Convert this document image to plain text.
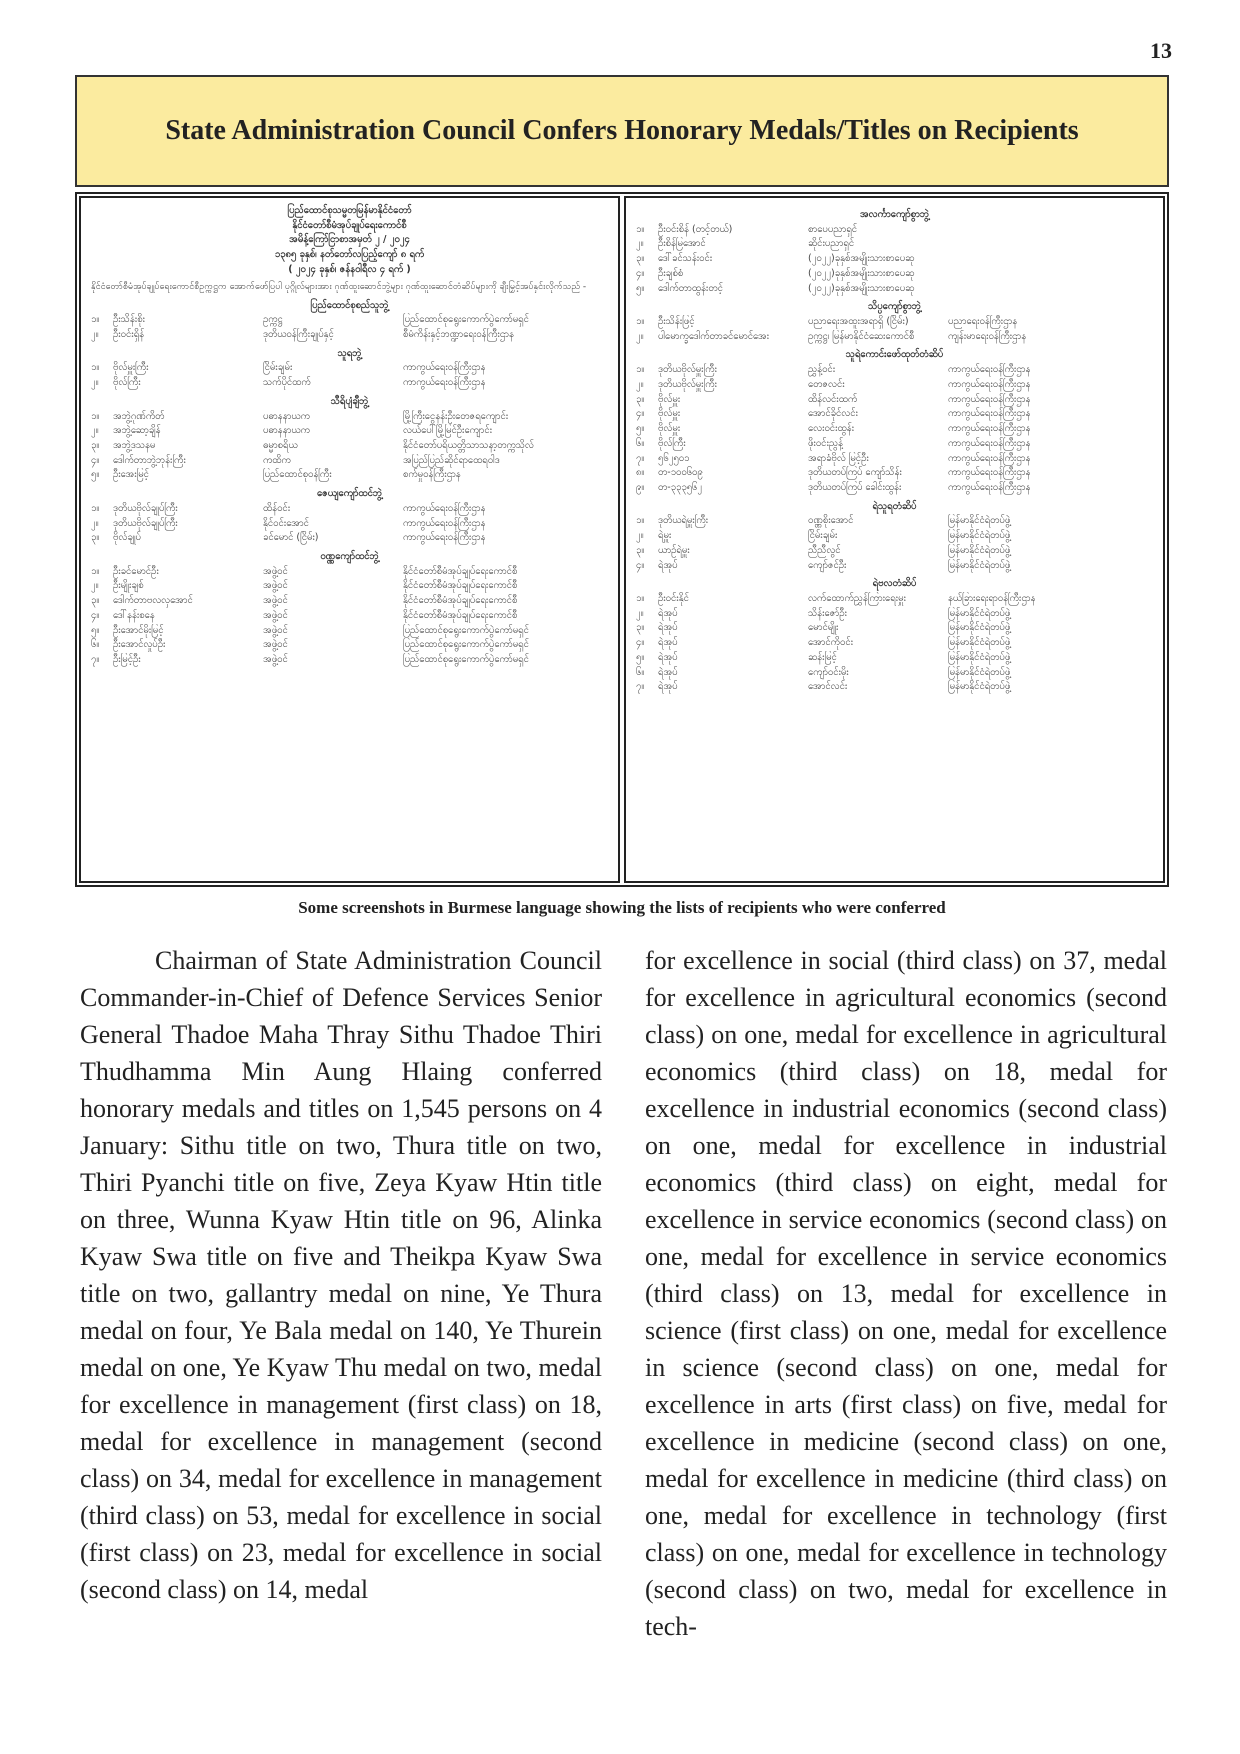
13
State Administration Council Confers Honorary Medals/Titles on Recipients
ပြည်ထောင်စုသမ္မတမြန်မာနိုင်ငံတော်
နိုင်ငံတော်စီမံအုပ်ချုပ်ရေးကောင်စီ
အမိန့်ကြော်ငြာစာအမှတ် ၂ / ၂၀၂၄
၁၃၈၅ ခုနှစ်၊ နတ်တော်လပြည့်ကျော် ၈ ရက်
( ၂၀၂၄ ခုနှစ်၊ ဇန်နဝါရီလ ၄ ရက် )
နိုင်ငံတော်စီမံအုပ်ချုပ်ရေးကောင်စီဥက္ကဋ္ဌက အောက်ဖော်ပြပါ ပုဂ္ဂိုလ်များအား ဂုဏ်ထူးဆောင်ဘွဲ့များ ဂုဏ်ထူးဆောင်တံဆိပ်များကို ချီးမြှင့်အပ်နှင်းလိုက်သည် -
ပြည်ထောင်စုစည်သူဘွဲ့
၁။	ဦးသိန်းစိုး	ဥက္ကဋ္ဌ	ပြည်ထောင်စုရွေးကောက်ပွဲကော်မရှင်
၂။	ဦးဝင်းရှိန်	ဒုတိယဝန်ကြီးချုပ်နှင့်	စီမံကိန်းနှင့်ဘဏ္ဍာရေးဝန်ကြီးဌာန
သူရဘွဲ့
၁။	ဗိုလ်မှူးကြီး	ငြိမ်းချမ်း	ကာကွယ်ရေးဝန်ကြီးဌာန
၂။	ဗိုလ်ကြီး	သက်ပိုင်ထက်	ကာကွယ်ရေးဝန်ကြီးဌာန
သီရိပျံချီဘွဲ့
၁။	အဘွဲ့ဂုဏ်ကိတ်	ပဓာနနာယက	မြို့ကြီးငွေနန်းဦးတေဇရကျောင်း
၂။	အဘွဲ့ဆော့ချိန်	ပဓာနနာယက	လယ်ပေါ်မြို့မြင်ဦးကျောင်း
၃။	အဘွဲ့ဒသနမ	ဓမ္မာစရိယ	နိုင်ငံတော်ပရိယတ္တိသာသနာ့တက္ကသိုလ်
၄။	ဒေါက်တာဘွဲ့ဘုန်းကြီး	ကထိက	အပြည်ပြည်ဆိုင်ရာထေရဝါဒ
၅။	ဦးအေးမြင့်	ပြည်ထောင်စုဝန်ကြီး	စက်မှုဝန်ကြီးဌာန
ဇေယျကျော်ထင်ဘွဲ့
၁။	ဒုတိယဗိုလ်ချုပ်ကြီး	ထိန်ဝင်း	ကာကွယ်ရေးဝန်ကြီးဌာန
၂။	ဒုတိယဗိုလ်ချုပ်ကြီး	နိုင်ဝင်းအောင်	ကာကွယ်ရေးဝန်ကြီးဌာန
၃။	ဗိုလ်ချုပ်	ခင်မောင် (ငြိမ်း)	ကာကွယ်ရေးဝန်ကြီးဌာန
ဝဏ္ဏကျော်ထင်ဘွဲ့
၁။	ဦးခင်မောင်ဦး	အဖွဲ့ဝင်	နိုင်ငံတော်စီမံအုပ်ချုပ်ရေးကောင်စီ
၂။	ဦးမျိုးချစ်	အဖွဲ့ဝင်	နိုင်ငံတော်စီမံအုပ်ချုပ်ရေးကောင်စီ
၃။	ဒေါက်တာဗလလှအောင်	အဖွဲ့ဝင်	နိုင်ငံတော်စီမံအုပ်ချုပ်ရေးကောင်စီ
၄။	ဒေါ်နန်းစနေ	အဖွဲ့ဝင်	နိုင်ငံတော်စီမံအုပ်ချုပ်ရေးကောင်စီ
၅။	ဦးအောင်မိုးမြင့်	အဖွဲ့ဝင်	ပြည်ထောင်စုရွေးကောက်ပွဲကော်မရှင်
၆။	ဦးအောင်လှုပ်ဦး	အဖွဲ့ဝင်	ပြည်ထောင်စုရွေးကောက်ပွဲကော်မရှင်
၇။	ဦးမြင့်ဦး	အဖွဲ့ဝင်	ပြည်ထောင်စုရွေးကောက်ပွဲကော်မရှင်
အလင်္ကာကျော်စွာဘွဲ့
၁။	ဦးဝင်းစိန် (တင့်တယ်)	စာပေပညာရှင်
၂။	ဦးစိန်မြအောင်	ဆိုင်းပညာရှင်
၃။	ဒေါ်ခင်သန်းဝင်း	(၂၀၂၂)ခုနှစ်အမျိုးသားစာပေဆု
၄။	ဦးချစ်စံ	(၂၀၂၂)ခုနှစ်အမျိုးသားစာပေဆု
၅။	ဒေါက်တာထွန်းတင့်	(၂၀၂၂)ခုနှစ်အမျိုးသားစာပေဆု
သိပ္ပကျော်စွာဘွဲ့
၁။	ဦးသိန်းဖြင့်	ပညာရေးအထူးအရာရှိ (ငြိမ်း)	ပညာရေးဝန်ကြီးဌာန
၂။	ပါမောက္ခဒေါက်တာခင်မောင်အေး	ဥက္ကဋ္ဌ၊ မြန်မာနိုင်ငံဆေးကောင်စီ	ကျန်းမာရေးဝန်ကြီးဌာန
သူရဲကောင်းဖော်ထုတ်တံဆိပ်
၁။	ဒုတိယဗိုလ်မှူးကြီး	ညွှန့်ဝင်း	ကာကွယ်ရေးဝန်ကြီးဌာန
၂။	ဒုတိယဗိုလ်မှူးကြီး	တေဇလင်း	ကာကွယ်ရေးဝန်ကြီးဌာန
၃။	ဗိုလ်မှူး	ထိန်လင်းထက်	ကာကွယ်ရေးဝန်ကြီးဌာန
၄။	ဗိုလ်မှူး	အောင်ခိုင်လင်း	ကာကွယ်ရေးဝန်ကြီးဌာန
၅။	ဗိုလ်မှူး	လေးဝင်းထွန်း	ကာကွယ်ရေးဝန်ကြီးဌာန
၆။	ဗိုလ်ကြီး	ဖိုးဝင်းညွန့်	ကာကွယ်ရေးဝန်ကြီးဌာန
၇။	၅၆၂၅၀၁	အရာခံဗိုလ် မြင့်ဦး	ကာကွယ်ရေးဝန်ကြီးဌာန
၈။	တ-၁၀၀၆၀၉	ဒုတိယတပ်ကြပ် ကျော်သိန်း	ကာကွယ်ရေးဝန်ကြီးဌာန
၉။	တ-၃၃၃၅၆၂	ဒုတိယတပ်ကြပ် ခေါင်းထွန်း	ကာကွယ်ရေးဝန်ကြီးဌာန
ရဲသူရတံဆိပ်
၁။	ဒုတိယရဲမှူးကြီး	ဝဏ္ဏစိုးအောင်	မြန်မာနိုင်ငံရဲတပ်ဖွဲ့
၂။	ရဲမှူး	ငြိမ်းချမ်း	မြန်မာနိုင်ငံရဲတပ်ဖွဲ့
၃။	ယာဉ်ရဲမှူး	ညီညီလွင်	မြန်မာနိုင်ငံရဲတပ်ဖွဲ့
၄။	ရဲအုပ်	ကျော်ဇင်ဦး	မြန်မာနိုင်ငံရဲတပ်ဖွဲ့
ရဲဗလတံဆိပ်
၁။	ဦးဝင်းနိုင်	လက်ထောက်ညွှန်ကြားရေးမှူး	နယ်ခြားရေးရာဝန်ကြီးဌာန
၂။	ရဲအုပ်	သိန်းဇော်ဦး	မြန်မာနိုင်ငံရဲတပ်ဖွဲ့
၃။	ရဲအုပ်	မောင်မျိုး	မြန်မာနိုင်ငံရဲတပ်ဖွဲ့
၄။	ရဲအုပ်	အောင်ကိုဝင်း	မြန်မာနိုင်ငံရဲတပ်ဖွဲ့
၅။	ရဲအုပ်	ဆန်းမြင့်	မြန်မာနိုင်ငံရဲတပ်ဖွဲ့
၆။	ရဲအုပ်	ကျော်ဝင်းမိုး	မြန်မာနိုင်ငံရဲတပ်ဖွဲ့
၇။	ရဲအုပ်	အောင်လင်း	မြန်မာနိုင်ငံရဲတပ်ဖွဲ့
Some screenshots in Burmese language showing the lists of recipients who were conferred
Chairman of State Administration Council Commander-in-Chief of Defence Services Senior General Thadoe Maha Thray Sithu Thadoe Thiri Thudhamma Min Aung Hlaing conferred honorary medals and titles on 1,545 persons on 4 January: Sithu title on two, Thura title on two, Thiri Pyanchi title on five, Zeya Kyaw Htin title on three, Wunna Kyaw Htin title on 96, Alinka Kyaw Swa title on five and Theikpa Kyaw Swa title on two, gallantry medal on nine, Ye Thura medal on four, Ye Bala medal on 140, Ye Thurein medal on one, Ye Kyaw Thu medal on two, medal for excellence in management (first class) on 18, medal for excellence in management (second class) on 34, medal for excellence in management (third class) on 53, medal for excellence in social (first class) on 23, medal for excellence in social (second class) on 14, medal
for excellence in social (third class) on 37, medal for excellence in agricultural economics (second class) on one, medal for excellence in agricultural economics (third class) on 18, medal for excellence in industrial economics (second class) on one, medal for excellence in industrial economics (third class) on eight, medal for excellence in service economics (second class) on one, medal for excellence in service economics (third class) on 13, medal for excellence in science (first class) on one, medal for excellence in science (second class) on one, medal for excellence in arts (first class) on five, medal for excellence in medicine (second class) on one, medal for excellence in medicine (third class) on one, medal for excellence in technology (first class) on one, medal for excellence in technology (second class) on two, medal for excellence in tech-
